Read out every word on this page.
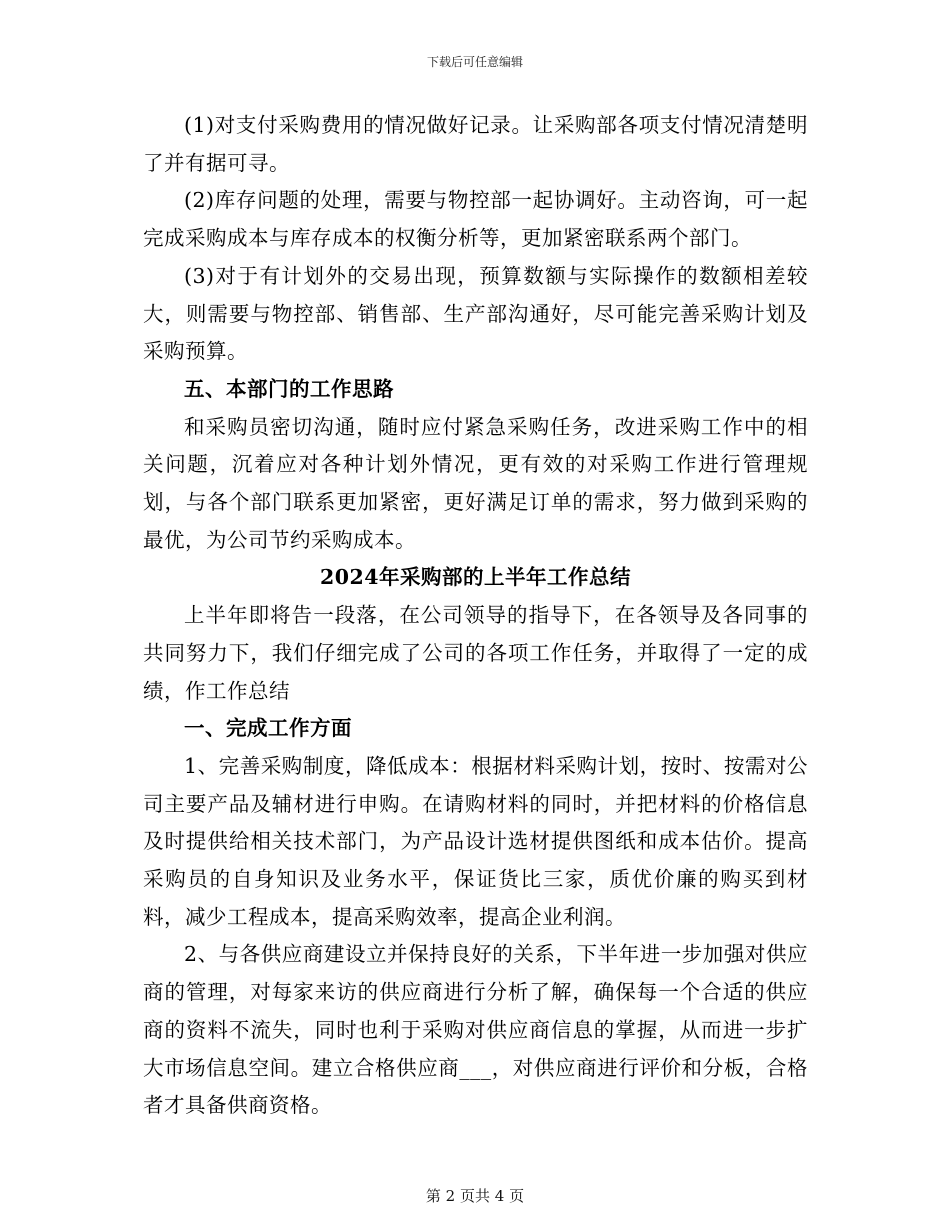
下载后可任意编辑

(1)对支付采购费用的情况做好记录。让采购部各项支付情况清楚明了并有据可寻。

(2)库存问题的处理，需要与物控部一起协调好。主动咨询，可一起完成采购成本与库存成本的权衡分析等，更加紧密联系两个部门。

(3)对于有计划外的交易出现，预算数额与实际操作的数额相差较大，则需要与物控部、销售部、生产部沟通好，尽可能完善采购计划及采购预算。

五、本部门的工作思路

和采购员密切沟通，随时应付紧急采购任务，改进采购工作中的相关问题，沉着应对各种计划外情况，更有效的对采购工作进行管理规划，与各个部门联系更加紧密，更好满足订单的需求，努力做到采购的最优，为公司节约采购成本。

2024年采购部的上半年工作总结

上半年即将告一段落，在公司领导的指导下，在各领导及各同事的共同努力下，我们仔细完成了公司的各项工作任务，并取得了一定的成绩，作工作总结

一、完成工作方面

1、完善采购制度，降低成本：根据材料采购计划，按时、按需对公司主要产品及辅材进行申购。在请购材料的同时，并把材料的价格信息及时提供给相关技术部门，为产品设计选材提供图纸和成本估价。提高采购员的自身知识及业务水平，保证货比三家，质优价廉的购买到材料，减少工程成本，提高采购效率，提高企业利润。

2、与各供应商建设立并保持良好的关系，下半年进一步加强对供应商的管理，对每家来访的供应商进行分析了解，确保每一个合适的供应商的资料不流失，同时也利于采购对供应商信息的掌握，从而进一步扩大市场信息空间。建立合格供应商___，对供应商进行评价和分板，合格者才具备供商资格。

第 2 页共 4 页
